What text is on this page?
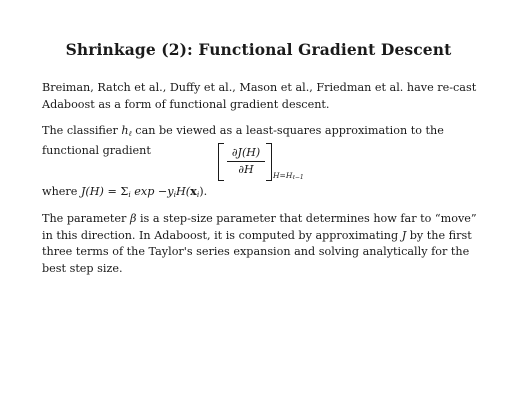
Shrinkage (2): Functional Gradient Descent
Breiman, Ratch et al., Duffy et al., Mason et al., Friedman et al. have re-cast Adaboost as a form of functional gradient descent.
The classifier $h_\ell$ can be viewed as a least-squares approximation to the functional gradient	∂J(H)
∂H	$H=H_{\ell-1}$
where $J(H) = \Sigma_i$ $\exp -y_iH(x_i)$.
The parameter β is a step-size parameter that determines how far to “move” in this direction. In Adaboost, it is computed by approximating J by the first three terms of the Taylor's series expansion and solving analytically for the best step size.
